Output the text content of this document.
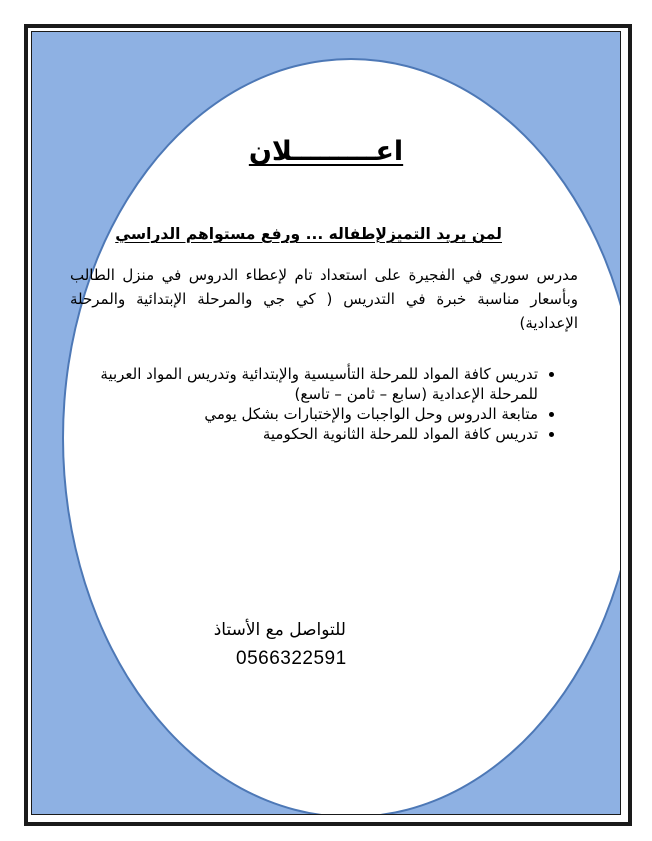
اعـــــــــلان
لمن يريد التميزلإطفاله ... ورفع مستواهم الدراسي
مدرس سوري في الفجيرة على استعداد تام لإعطاء الدروس في منزل الطالب وبأسعار مناسبة خبرة في التدريس ( كي جي والمرحلة الإبتدائية والمرحلة الإعدادية)
• تدريس كافة المواد للمرحلة التأسيسية والإبتدائية وتدريس المواد العربية للمرحلة الإعدادية (سابع – ثامن – تاسع)
• متابعة الدروس وحل الواجبات والإختبارات بشكل يومي
• تدريس كافة المواد للمرحلة الثانوية الحكومية
للتواصل مع الأستاذ
0566322591
